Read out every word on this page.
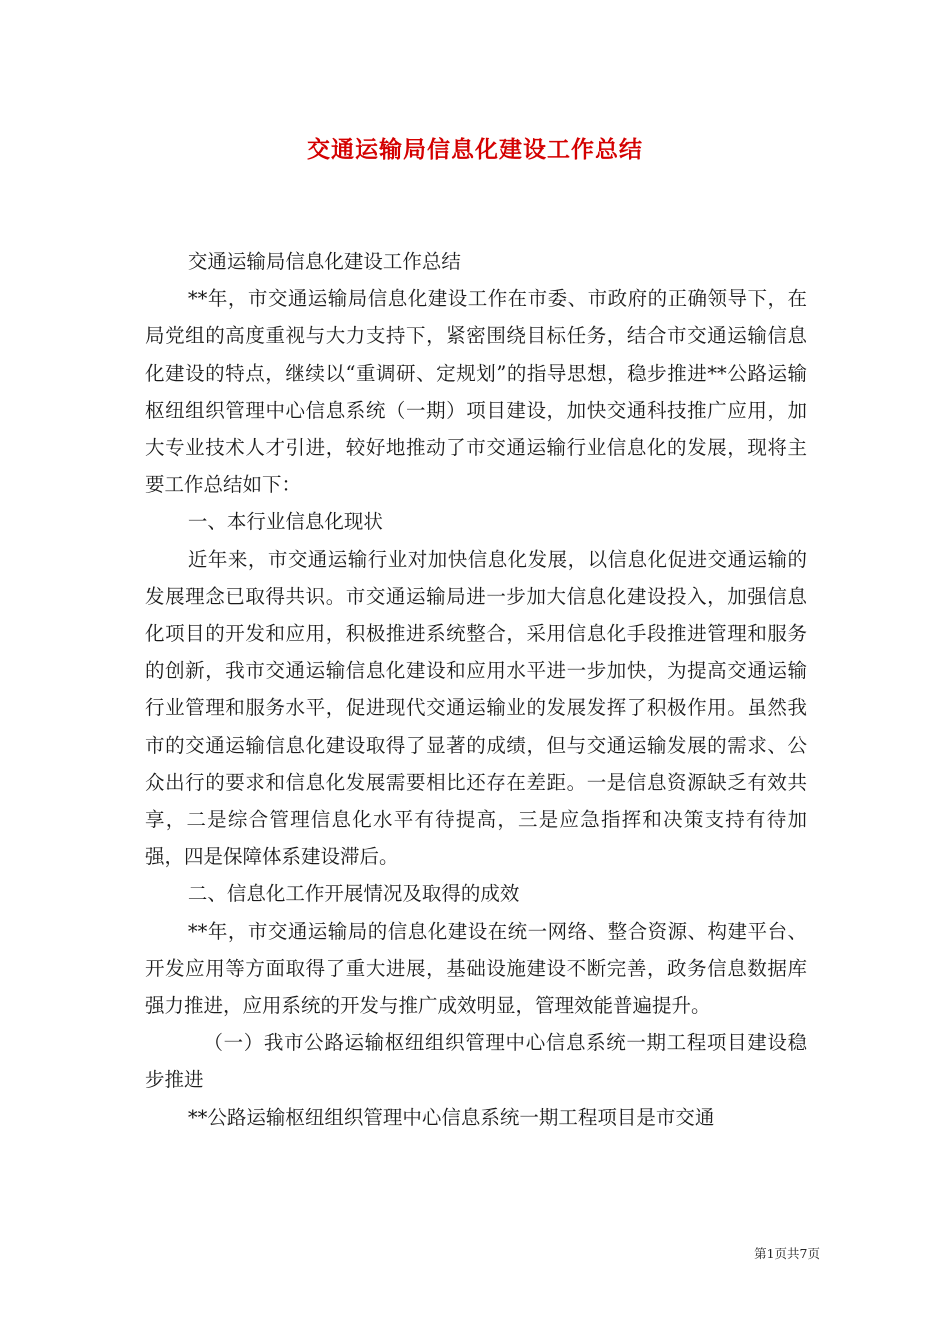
交通运输局信息化建设工作总结

交通运输局信息化建设工作总结

**年，市交通运输局信息化建设工作在市委、市政府的正确领导下，在局党组的高度重视与大力支持下，紧密围绕目标任务，结合市交通运输信息化建设的特点，继续以“重调研、定规划”的指导思想，稳步推进**公路运输枢纽组织管理中心信息系统（一期）项目建设，加快交通科技推广应用，加大专业技术人才引进，较好地推动了市交通运输行业信息化的发展，现将主要工作总结如下：

一、本行业信息化现状

近年来，市交通运输行业对加快信息化发展，以信息化促进交通运输的发展理念已取得共识。市交通运输局进一步加大信息化建设投入，加强信息化项目的开发和应用，积极推进系统整合，采用信息化手段推进管理和服务的创新，我市交通运输信息化建设和应用水平进一步加快，为提高交通运输行业管理和服务水平，促进现代交通运输业的发展发挥了积极作用。虽然我市的交通运输信息化建设取得了显著的成绩，但与交通运输发展的需求、公众出行的要求和信息化发展需要相比还存在差距。一是信息资源缺乏有效共享，二是综合管理信息化水平有待提高，三是应急指挥和决策支持有待加强，四是保障体系建设滞后。

二、信息化工作开展情况及取得的成效

**年，市交通运输局的信息化建设在统一网络、整合资源、构建平台、开发应用等方面取得了重大进展，基础设施建设不断完善，政务信息数据库强力推进，应用系统的开发与推广成效明显，管理效能普遍提升。

（一）我市公路运输枢纽组织管理中心信息系统一期工程项目建设稳步推进

**公路运输枢纽组织管理中心信息系统一期工程项目是市交通

第1页共7页
